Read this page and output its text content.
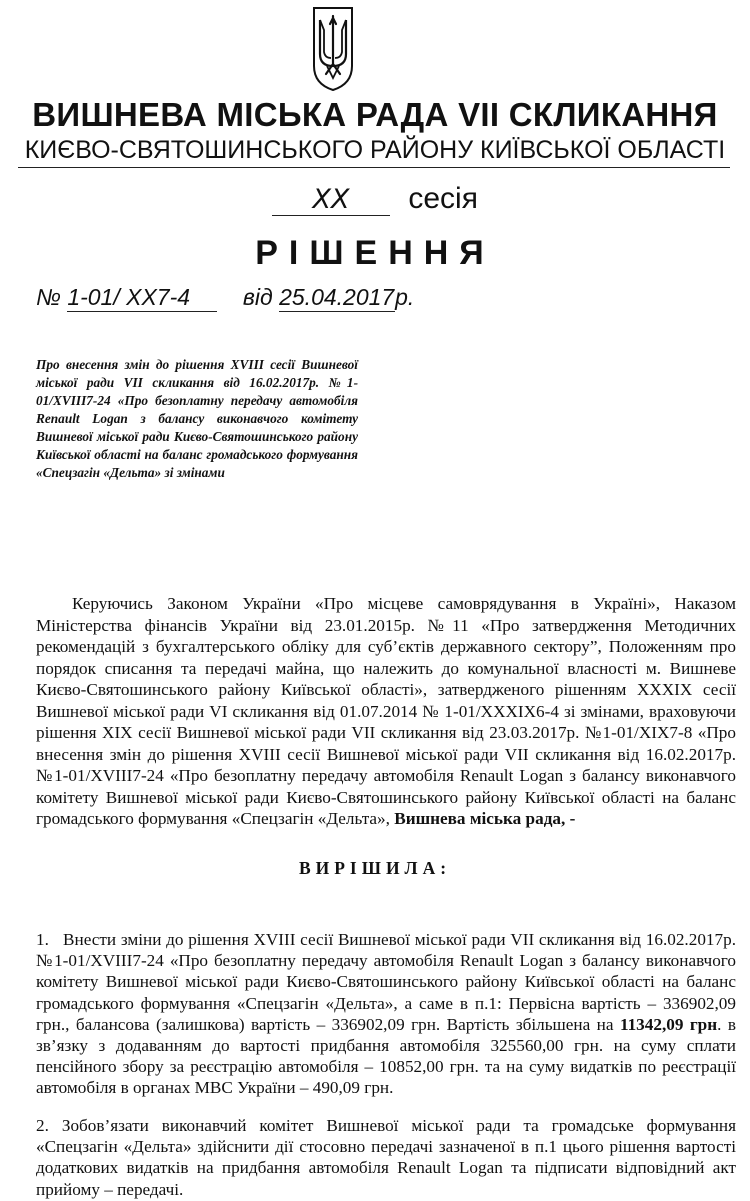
ВИШНЕВА МІСЬКА РАДА VII СКЛИКАННЯ
КИЄВО-СВЯТОШИНСЬКОГО РАЙОНУ КИЇВСЬКОЇ ОБЛАСТІ
XX сесія
РІШЕННЯ
№ 1-01/ XX7-4 від 25.04.2017р.
Про внесення змін до рішення XVIII сесії Вишневої міської ради VII скликання від 16.02.2017р. №1-01/XVIII7-24 «Про безоплатну передачу автомобіля Renault Logan з балансу виконавчого комітету Вишневої міської ради Києво-Святошинського району Київської області на баланс громадського формування «Спецзагін «Дельта» зі змінами

Керуючись Законом України «Про місцеве самоврядування в Україні», Наказом Міністерства фінансів України від 23.01.2015р. №11 «Про затвердження Методичних рекомендацій з бухгалтерського обліку для суб’єктів державного сектору”, Положенням про порядок списання та передачі майна, що належить до комунальної власності м. Вишневе Києво-Святошинського району Київської області», затвердженого рішенням XXXIX сесії Вишневої міської ради VI скликання від 01.07.2014 № 1-01/XXXIX6-4 зі змінами, враховуючи рішення XIX сесії Вишневої міської ради VII скликання від 23.03.2017р. №1-01/XIX7-8 «Про внесення змін до рішення XVIII сесії Вишневої міської ради VII скликання від 16.02.2017р. №1-01/XVIII7-24 «Про безоплатну передачу автомобіля Renault Logan з балансу виконавчого комітету Вишневої міської ради Києво-Святошинського району Київської області на баланс громадського формування «Спецзагін «Дельта», Вишнева міська рада, -

ВИРІШИЛА:

1. Внести зміни до рішення XVIII сесії Вишневої міської ради VII скликання від 16.02.2017р. №1-01/XVIII7-24 «Про безоплатну передачу автомобіля Renault Logan з балансу виконавчого комітету Вишневої міської ради Києво-Святошинського району Київської області на баланс громадського формування «Спецзагін «Дельта», а саме в п.1: Первісна вартість – 336902,09 грн., балансова (залишкова) вартість – 336902,09 грн. Вартість збільшена на 11342,09 грн. в зв’язку з додаванням до вартості придбання автомобіля 325560,00 грн. на суму сплати пенсійного збору за реєстрацію автомобіля – 10852,00 грн. та на суму видатків по реєстрації автомобіля в органах МВС України – 490,09 грн.

2. Зобов’язати виконавчий комітет Вишневої міської ради та громадське формування «Спецзагін «Дельта» здійснити дії стосовно передачі зазначеної в п.1 цього рішення вартості додаткових видатків на придбання автомобіля Renault Logan та підписати відповідний акт прийому – передачі.
